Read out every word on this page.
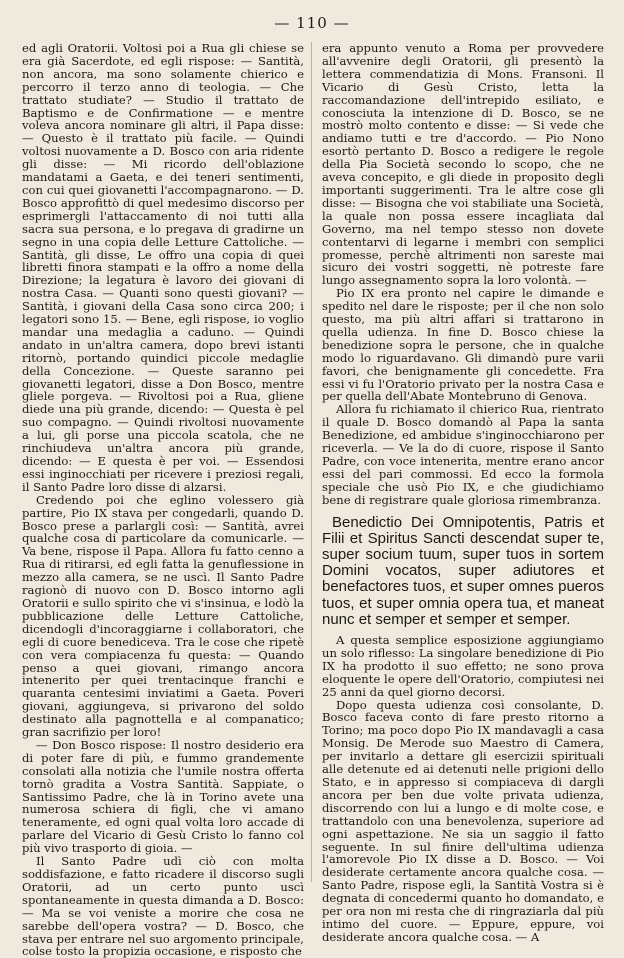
— 110 —

ed agli Oratorii. Voltosi poi a Rua gli chiese se era già Sacerdote, ed egli rispose: — Santità, non ancora, ma sono solamente chierico e percorro il terzo anno di teologia. — Che trattato studiate? — Studio il trattato de Baptismo e de Confirmatione — e mentre voleva ancora nominare gli altri, il Papa disse: — Questo è il trattato più facile. — Quindi voltosi nuovamente a D. Bosco con aria ridente gli disse: — Mi ricordo dell'oblazione mandatami a Gaeta, e dei teneri sentimenti, con cui quei giovanetti l'accompagnarono. — D. Bosco approfittò di quel medesimo discorso per esprimergli l'attaccamento di noi tutti alla sacra sua persona, e lo pregava di gradirne un segno in una copia delle Letture Cattoliche. — Santità, gli disse, Le offro una copia di quei libretti finora stampati e la offro a nome della Direzione; la legatura è lavoro dei giovani di nostra Casa. — Quanti sono questi giovani? — Santità, i giovani della Casa sono circa 200; i legatori sono 15. — Bene, egli rispose, io voglio mandar una medaglia a caduno. — Quindi andato in un'altra camera, dopo brevi istanti ritornò, portando quindici piccole medaglie della Concezione. — Queste saranno pei giovanetti legatori, disse a Don Bosco, mentre gliele porgeva. — Rivoltosi poi a Rua, gliene diede una più grande, dicendo: — Questa è pel suo compagno. — Quindi rivoltosi nuovamente a lui, gli porse una piccola scatola, che ne rinchiudeva un'altra ancora più grande, dicendo: — E questa è per voi. — Essendosi essi inginocchiati per ricevere i preziosi regali, il Santo Padre loro disse di alzarsi.

Credendo poi che eglino volessero già partire, Pio IX stava per congedarli, quando D. Bosco prese a parlargli così: — Santità, avrei qualche cosa di particolare da comunicarle. — Va bene, rispose il Papa. Allora fu fatto cenno a Rua di ritirarsi, ed egli fatta la genuflessione in mezzo alla camera, se ne uscì. Il Santo Padre ragionò di nuovo con D. Bosco intorno agli Oratorii e sullo spirito che vi s'insinua, e lodò la pubblicazione delle Letture Cattoliche, dicendogli d'incoraggiarne i collaboratori, che egli di cuore benediceva. Tra le cose che ripetè con vera compiacenza fu questa: — Quando penso a quei giovani, rimango ancora intenerito per quei trentacinque franchi e quaranta centesimi inviatimi a Gaeta. Poveri giovani, aggiungeva, si privarono del soldo destinato alla pagnottella e al companatico; gran sacrifizio per loro!

— Don Bosco rispose: Il nostro desiderio era di poter fare di più, e fummo grandemente consolati alla notizia che l'umile nostra offerta tornò gradita a Vostra Santità. Sappiate, o Santissimo Padre, che là in Torino avete una numerosa schiera di figli, che vi amano teneramente, ed ogni qual volta loro accade di parlare del Vicario di Gesù Cristo lo fanno col più vivo trasporto di gioia. —

Il Santo Padre udì ciò con molta soddisfazione, e fatto ricadere il discorso sugli Oratorii, ad un certo punto uscì spontaneamente in questa dimanda a D. Bosco: — Ma se voi veniste a morire che cosa ne sarebbe dell'opera vostra? — D. Bosco, che stava per entrare nel suo argomento principale, colse tosto la propizia occasione, e risposto che

era appunto venuto a Roma per provvedere all'avvenire degli Oratorii, gli presentò la lettera commendatizia di Mons. Fransoni. Il Vicario di Gesù Cristo, letta la raccomandazione dell'intrepido esiliato, e conosciuta la intenzione di D. Bosco, se ne mostrò molto contento e disse: — Si vede che andiamo tutti e tre d'accordo. — Pio Nono esortò pertanto D. Bosco a redigere le regole della Pia Società secondo lo scopo, che ne aveva concepito, e gli diede in proposito degli importanti suggerimenti. Tra le altre cose gli disse: — Bisogna che voi stabiliate una Società, la quale non possa essere incagliata dal Governo, ma nel tempo stesso non dovete contentarvi di legarne i membri con semplici promesse, perchè altrimenti non sareste mai sicuro dei vostri soggetti, nè potreste fare lungo assegnamento sopra la loro volontà. —

Pio IX era pronto nel capire le dimande e spedito nel dare le risposte; per il che non solo questo, ma più altri affari si trattarono in quella udienza. In fine D. Bosco chiese la benedizione sopra le persone, che in qualche modo lo riguardavano. Gli dimandò pure varii favori, che benignamente gli concedette. Fra essi vi fu l'Oratorio privato per la nostra Casa e per quella dell'Abate Montebruno di Genova.

Allora fu richiamato il chierico Rua, rientrato il quale D. Bosco domandò al Papa la santa Benedizione, ed ambidue s'inginocchiarono per riceverla. — Ve la do di cuore, rispose il Santo Padre, con voce intenerita, mentre erano ancor essi del pari commossi. Ed ecco la formola speciale che usò Pio IX, e che giudichiamo bene di registrare quale gloriosa rimembranza.

Benedictio Dei Omnipotentis, Patris et Filii et Spiritus Sancti descendat super te, super socium tuum, super tuos in sortem Domini vocatos, super adiutores et benefactores tuos, et super omnes pueros tuos, et super omnia opera tua, et maneat nunc et semper et semper et semper.

A questa semplice esposizione aggiungiamo un solo riflesso: La singolare benedizione di Pio IX ha prodotto il suo effetto; ne sono prova eloquente le opere dell'Oratorio, compiutesi nei 25 anni da quel giorno decorsi.

Dopo questa udienza così consolante, D. Bosco faceva conto di fare presto ritorno a Torino; ma poco dopo Pio IX mandavagli a casa Monsig. De Merode suo Maestro di Camera, per invitarlo a dettare gli esercizii spirituali alle detenute ed ai detenuti nelle prigioni dello Stato, e in appresso si compiaceva di dargli ancora per ben due volte privata udienza, discorrendo con lui a lungo e di molte cose, e trattandolo con una benevolenza, superiore ad ogni aspettazione. Ne sia un saggio il fatto seguente. In sul finire dell'ultima udienza l'amorevole Pio IX disse a D. Bosco. — Voi desiderate certamente ancora qualche cosa. — Santo Padre, rispose egli, la Santità Vostra si è degnata di concedermi quanto ho domandato, e per ora non mi resta che di ringraziarla dal più intimo del cuore. — Eppure, eppure, voi desiderate ancora qualche cosa. — A
